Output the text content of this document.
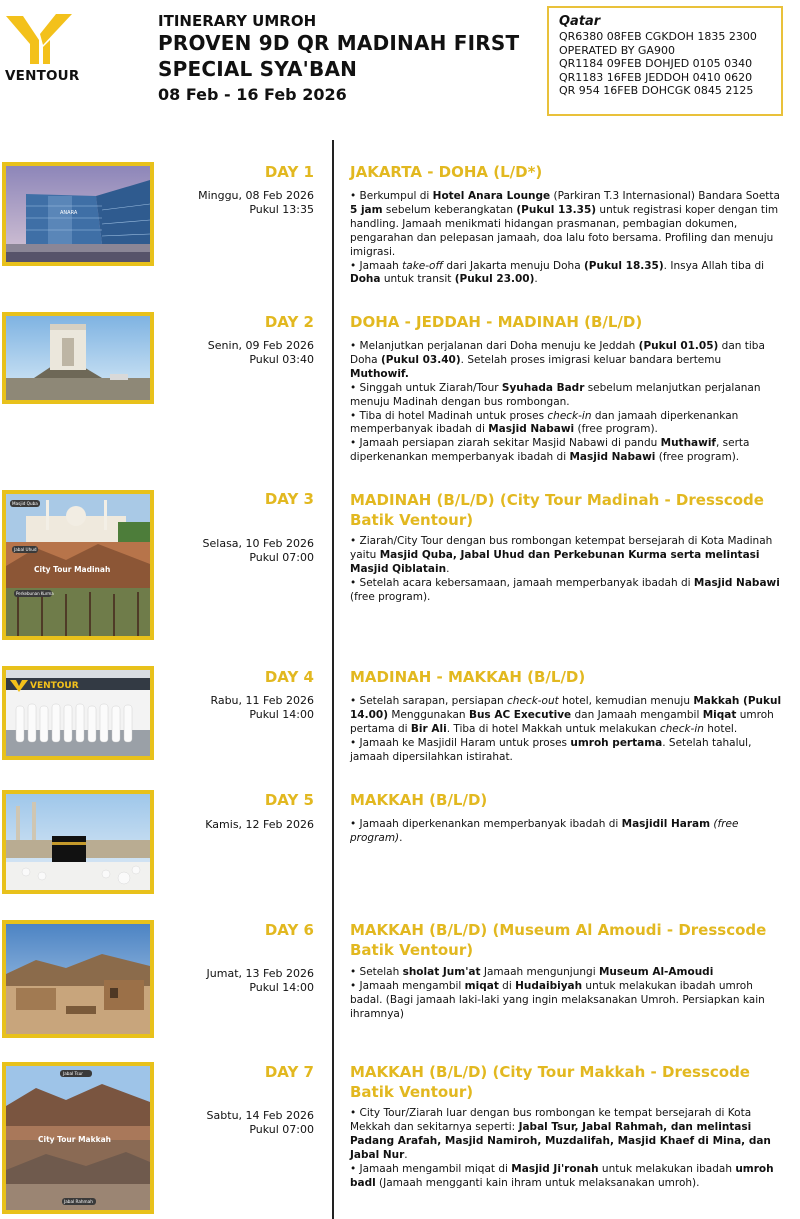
VENTOUR
ITINERARY UMROH
PROVEN 9D QR MADINAH FIRST
SPECIAL SYA'BAN
08 Feb - 16 Feb 2026
Qatar
QR6380 08FEB CGKDOH 1835 2300
OPERATED BY GA900
QR1184 09FEB DOHJED 0105 0340
QR1183 16FEB JEDDOH 0410 0620
QR 954 16FEB DOHCGK 0845 2125
ANARA
DAY 1
Minggu, 08 Feb 2026
Pukul 13:35
JAKARTA - DOHA (L/D*)

• Berkumpul di Hotel Anara Lounge (Parkiran T.3 Internasional) Bandara Soetta 5 jam sebelum keberangkatan (Pukul 13.35) untuk registrasi koper dengan tim handling. Jamaah menikmati hidangan prasmanan, pembagian dokumen, pengarahan dan pelepasan jamaah, doa lalu foto bersama. Profiling dan menuju imigrasi.

• Jamaah take-off dari Jakarta menuju Doha (Pukul 18.35). Insya Allah tiba di Doha untuk transit (Pukul 23.00).

DAY 2
Senin, 09 Feb 2026
Pukul 03:40
DOHA - JEDDAH - MADINAH (B/L/D)

• Melanjutkan perjalanan dari Doha menuju ke Jeddah (Pukul 01.05) dan tiba Doha (Pukul 03.40). Setelah proses imigrasi keluar bandara bertemu Muthowif.

• Singgah untuk Ziarah/Tour Syuhada Badr sebelum melanjutkan perjalanan menuju Madinah dengan bus rombongan.

• Tiba di hotel Madinah untuk proses check-in dan jamaah diperkenankan memperbanyak ibadah di Masjid Nabawi (free program).

• Jamaah persiapan ziarah sekitar Masjid Nabawi di pandu Muthawif, serta diperkenankan memperbanyak ibadah di Masjid Nabawi (free program).

Masjid Quba
Jabal Uhud
City Tour Madinah
Perkebunan Kurma
DAY 3
Selasa, 10 Feb 2026
Pukul 07:00
MADINAH (B/L/D) (City Tour Madinah - Dresscode Batik Ventour)

• Ziarah/City Tour dengan bus rombongan ketempat bersejarah di Kota Madinah yaitu Masjid Quba, Jabal Uhud dan Perkebunan Kurma serta melintasi Masjid Qiblatain.

• Setelah acara kebersamaan, jamaah memperbanyak ibadah di Masjid Nabawi (free program).

VENTOUR	DAY 4
Rabu, 11 Feb 2026
Pukul 14:00
MADINAH - MAKKAH (B/L/D)

• Setelah sarapan, persiapan check-out hotel, kemudian menuju Makkah (Pukul 14.00) Menggunakan Bus AC Executive dan Jamaah mengambil Miqat umroh pertama di Bir Ali. Tiba di hotel Makkah untuk melakukan check-in hotel.

• Jamaah ke Masjidil Haram untuk proses umroh pertama. Setelah tahalul, jamaah dipersilahkan istirahat.

DAY 5
Kamis, 12 Feb 2026
MAKKAH (B/L/D)

• Jamaah diperkenankan memperbanyak ibadah di Masjidil Haram (free program).

DAY 6
Jumat, 13 Feb 2026
Pukul 14:00
MAKKAH (B/L/D) (Museum Al Amoudi - Dresscode Batik Ventour)

• Setelah sholat Jum'at Jamaah mengunjungi Museum Al-Amoudi

• Jamaah mengambil miqat di Hudaibiyah untuk melakukan ibadah umroh badal. (Bagi jamaah laki-laki yang ingin melaksanakan Umroh. Persiapkan kain ihramnya)

Jabal Tsur
City Tour Makkah
Jabal Rahmah
DAY 7
Sabtu, 14 Feb 2026
Pukul 07:00
MAKKAH (B/L/D) (City Tour Makkah - Dresscode Batik Ventour)

• City Tour/Ziarah luar dengan bus rombongan ke tempat bersejarah di Kota Mekkah dan sekitarnya seperti: Jabal Tsur, Jabal Rahmah, dan melintasi Padang Arafah, Masjid Namiroh, Muzdalifah, Masjid Khaef di Mina, dan Jabal Nur.

• Jamaah mengambil miqat di Masjid Ji'ronah untuk melakukan ibadah umroh badl (Jamaah mengganti kain ihram untuk melaksanakan umroh).
